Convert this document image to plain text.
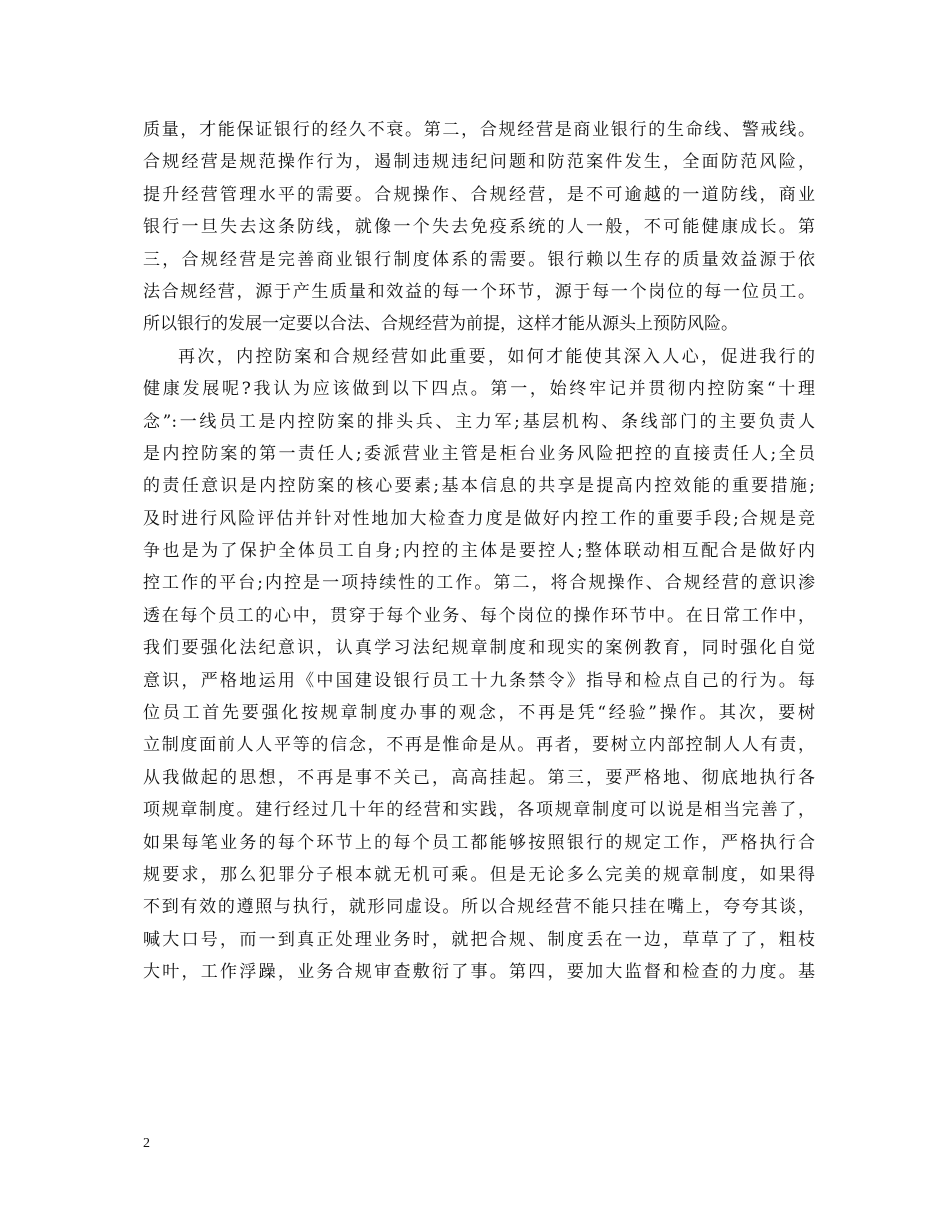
质量，才能保证银行的经久不衰。第二，合规经营是商业银行的生命线、警戒线。
合规经营是规范操作行为，遏制违规违纪问题和防范案件发生，全面防范风险，
提升经营管理水平的需要。合规操作、合规经营，是不可逾越的一道防线，商业
银行一旦失去这条防线，就像一个失去免疫系统的人一般，不可能健康成长。第
三，合规经营是完善商业银行制度体系的需要。银行赖以生存的质量效益源于依
法合规经营，源于产生质量和效益的每一个环节，源于每一个岗位的每一位员工。
所以银行的发展一定要以合法、合规经营为前提，这样才能从源头上预防风险。
再次，内控防案和合规经营如此重要，如何才能使其深入人心，促进我行的
健康发展呢?我认为应该做到以下四点。第一，始终牢记并贯彻内控防案“十理
念”:一线员工是内控防案的排头兵、主力军;基层机构、条线部门的主要负责人
是内控防案的第一责任人;委派营业主管是柜台业务风险把控的直接责任人;全员
的责任意识是内控防案的核心要素;基本信息的共享是提高内控效能的重要措施;
及时进行风险评估并针对性地加大检查力度是做好内控工作的重要手段;合规是竞
争也是为了保护全体员工自身;内控的主体是要控人;整体联动相互配合是做好内
控工作的平台;内控是一项持续性的工作。第二，将合规操作、合规经营的意识渗
透在每个员工的心中，贯穿于每个业务、每个岗位的操作环节中。在日常工作中，
我们要强化法纪意识，认真学习法纪规章制度和现实的案例教育，同时强化自觉
意识，严格地运用《中国建设银行员工十九条禁令》指导和检点自己的行为。每
位员工首先要强化按规章制度办事的观念，不再是凭“经验”操作。其次，要树
立制度面前人人平等的信念，不再是惟命是从。再者，要树立内部控制人人有责，
从我做起的思想，不再是事不关己，高高挂起。第三，要严格地、彻底地执行各
项规章制度。建行经过几十年的经营和实践，各项规章制度可以说是相当完善了，
如果每笔业务的每个环节上的每个员工都能够按照银行的规定工作，严格执行合
规要求，那么犯罪分子根本就无机可乘。但是无论多么完美的规章制度，如果得
不到有效的遵照与执行，就形同虚设。所以合规经营不能只挂在嘴上，夸夸其谈，
喊大口号，而一到真正处理业务时，就把合规、制度丢在一边，草草了了，粗枝
大叶，工作浮躁，业务合规审查敷衍了事。第四，要加大监督和检查的力度。基
2
